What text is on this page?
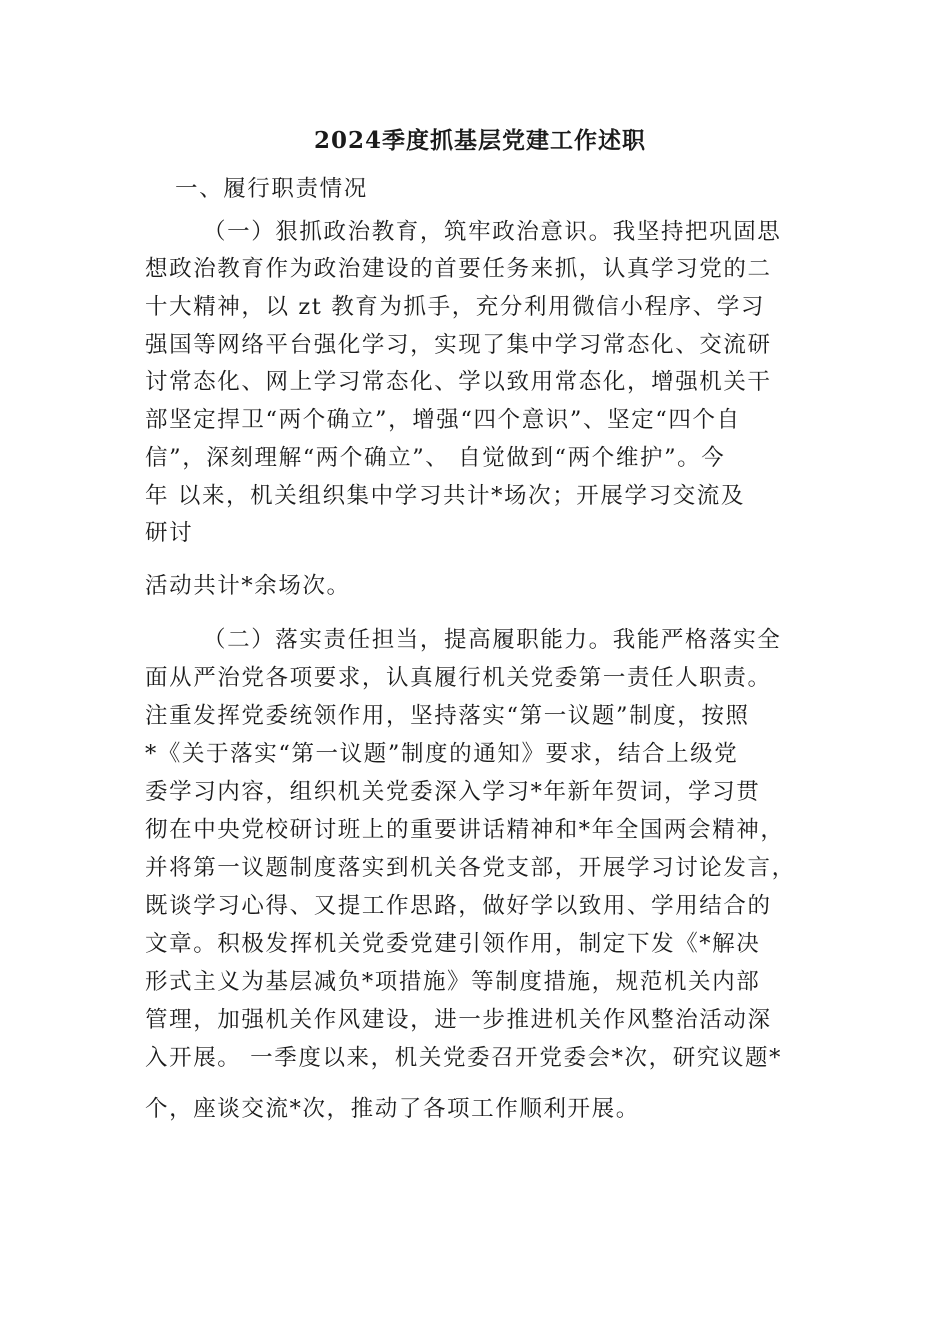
2024季度抓基层党建工作述职
一、履行职责情况
（一）狠抓政治教育，筑牢政治意识。我坚持把巩固思
想政治教育作为政治建设的首要任务来抓，认真学习党的二
十大精神，以 zt 教育为抓手，充分利用微信小程序、学习
强国等网络平台强化学习，实现了集中学习常态化、交流研
讨常态化、网上学习常态化、学以致用常态化，增强机关干
部坚定捍卫“两个确立”，增强“四个意识”、坚定“四个自
信”，深刻理解“两个确立”、 自觉做到“两个维护”。今
年 以来，机关组织集中学习共计*场次；开展学习交流及
研讨
活动共计*余场次。
（二）落实责任担当，提高履职能力。我能严格落实全
面从严治党各项要求，认真履行机关党委第一责任人职责。
注重发挥党委统领作用，坚持落实“第一议题”制度，按照
*《关于落实“第一议题”制度的通知》要求，结合上级党
委学习内容，组织机关党委深入学习*年新年贺词，学习贯
彻在中央党校研讨班上的重要讲话精神和*年全国两会精神，
并将第一议题制度落实到机关各党支部，开展学习讨论发言，
既谈学习心得、又提工作思路，做好学以致用、学用结合的
文章。积极发挥机关党委党建引领作用，制定下发《*解决
形式主义为基层减负*项措施》等制度措施，规范机关内部
管理，加强机关作风建设，进一步推进机关作风整治活动深
入开展。 一季度以来，机关党委召开党委会*次，研究议题*
个，座谈交流*次，推动了各项工作顺利开展。
